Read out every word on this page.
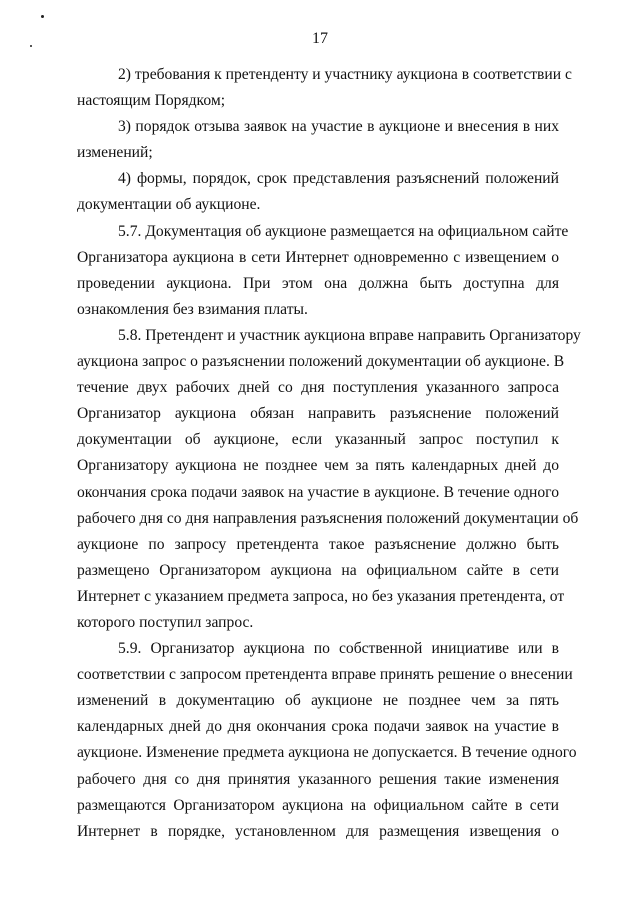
17
2) требования к претенденту и участнику аукциона в соответствии с
настоящим Порядком;
3) порядок отзыва заявок на участие в аукционе и внесения в них
изменений;
4) формы, порядок, срок представления разъяснений положений
документации об аукционе.
5.7. Документация об аукционе размещается на официальном сайте
Организатора аукциона в сети Интернет одновременно с извещением о
проведении аукциона. При этом она должна быть доступна для
ознакомления без взимания платы.
5.8. Претендент и участник аукциона вправе направить Организатору
аукциона запрос о разъяснении положений документации об аукционе. В
течение двух рабочих дней со дня поступления указанного запроса
Организатор аукциона обязан направить разъяснение положений
документации об аукционе, если указанный запрос поступил к
Организатору аукциона не позднее чем за пять календарных дней до
окончания срока подачи заявок на участие в аукционе. В течение одного
рабочего дня со дня направления разъяснения положений документации об
аукционе по запросу претендента такое разъяснение должно быть
размещено Организатором аукциона на официальном сайте в сети
Интернет с указанием предмета запроса, но без указания претендента, от
которого поступил запрос.
5.9. Организатор аукциона по собственной инициативе или в
соответствии с запросом претендента вправе принять решение о внесении
изменений в документацию об аукционе не позднее чем за пять
календарных дней до дня окончания срока подачи заявок на участие в
аукционе. Изменение предмета аукциона не допускается. В течение одного
рабочего дня со дня принятия указанного решения такие изменения
размещаются Организатором аукциона на официальном сайте в сети
Интернет в порядке, установленном для размещения извещения о
